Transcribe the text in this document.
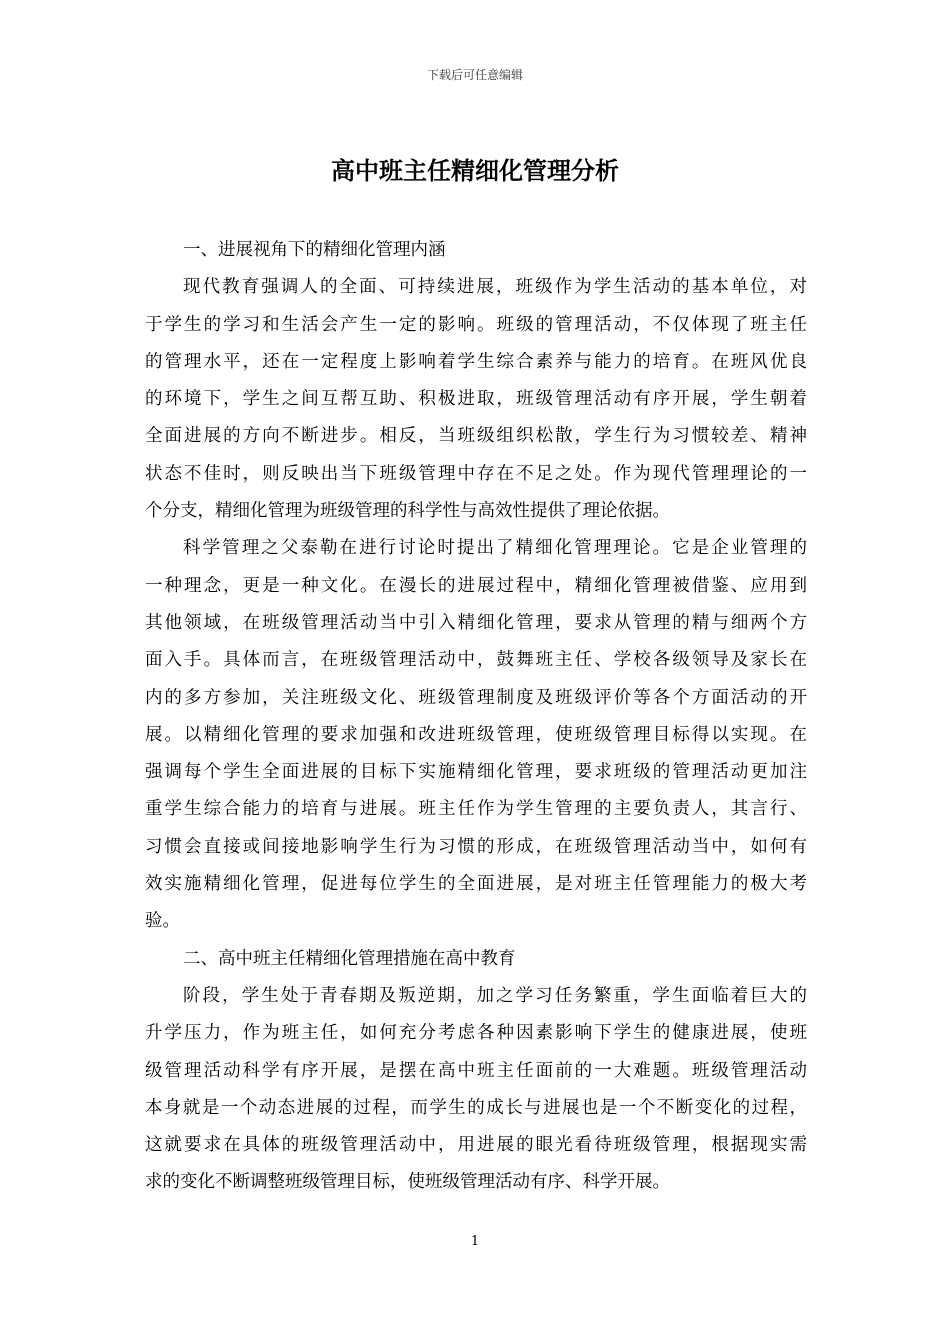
下载后可任意编辑
高中班主任精细化管理分析
一、进展视角下的精细化管理内涵
现代教育强调人的全面、可持续进展，班级作为学生活动的基本单位，对
于学生的学习和生活会产生一定的影响。班级的管理活动，不仅体现了班主任
的管理水平，还在一定程度上影响着学生综合素养与能力的培育。在班风优良
的环境下，学生之间互帮互助、积极进取，班级管理活动有序开展，学生朝着
全面进展的方向不断进步。相反，当班级组织松散，学生行为习惯较差、精神
状态不佳时，则反映出当下班级管理中存在不足之处。作为现代管理理论的一
个分支，精细化管理为班级管理的科学性与高效性提供了理论依据。
科学管理之父泰勒在进行讨论时提出了精细化管理理论。它是企业管理的
一种理念，更是一种文化。在漫长的进展过程中，精细化管理被借鉴、应用到
其他领域，在班级管理活动当中引入精细化管理，要求从管理的精与细两个方
面入手。具体而言，在班级管理活动中，鼓舞班主任、学校各级领导及家长在
内的多方参加，关注班级文化、班级管理制度及班级评价等各个方面活动的开
展。以精细化管理的要求加强和改进班级管理，使班级管理目标得以实现。在
强调每个学生全面进展的目标下实施精细化管理，要求班级的管理活动更加注
重学生综合能力的培育与进展。班主任作为学生管理的主要负责人，其言行、
习惯会直接或间接地影响学生行为习惯的形成，在班级管理活动当中，如何有
效实施精细化管理，促进每位学生的全面进展，是对班主任管理能力的极大考
验。
二、高中班主任精细化管理措施在高中教育
阶段，学生处于青春期及叛逆期，加之学习任务繁重，学生面临着巨大的
升学压力，作为班主任，如何充分考虑各种因素影响下学生的健康进展，使班
级管理活动科学有序开展，是摆在高中班主任面前的一大难题。班级管理活动
本身就是一个动态进展的过程，而学生的成长与进展也是一个不断变化的过程，
这就要求在具体的班级管理活动中，用进展的眼光看待班级管理，根据现实需
求的变化不断调整班级管理目标，使班级管理活动有序、科学开展。
1
